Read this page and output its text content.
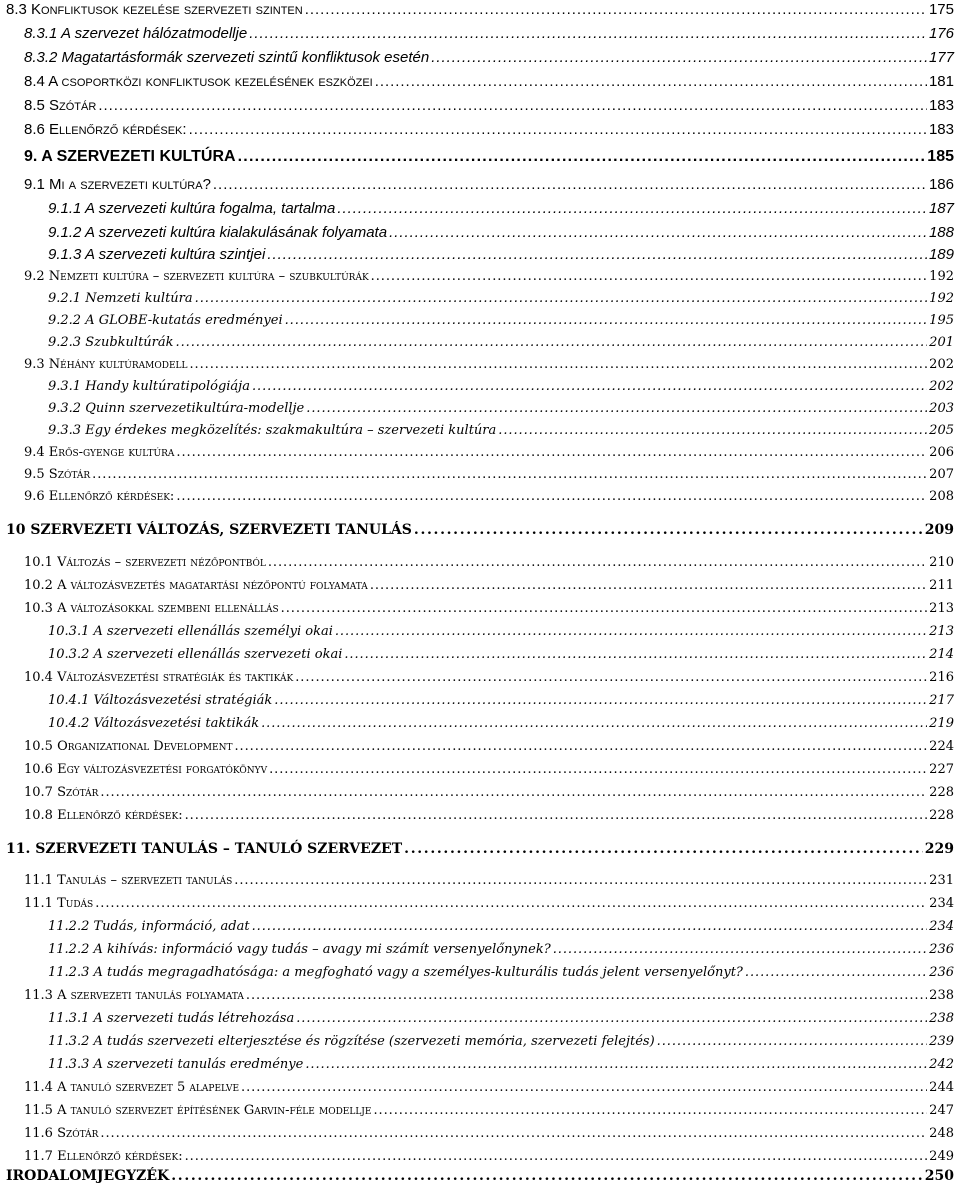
8.3 Konfliktusok kezelése szervezeti szinten . . .	175
8.3.1 A szervezet hálózatmodellje . . .	176
8.3.2 Magatartásformák szervezeti szintű konfliktusok esetén . . .	177
8.4 A csoportközi konfliktusok kezelésének eszközei . . .	181
8.5 Szótár . . .	183
8.6 Ellenőrző kérdések: . . .	183
9. A SZERVEZETI KULTÚRA . . .	185
9.1 Mi a szervezeti kultúra? . . .	186
9.1.1 A szervezeti kultúra fogalma, tartalma . . .	187
9.1.2 A szervezeti kultúra kialakulásának folyamata . . .	188
9.1.3 A szervezeti kultúra szintjei . . .	189
9.2 Nemzeti kultúra – szervezeti kultúra – szubkultúrák . . .	192
9.2.1 Nemzeti kultúra . . .	192
9.2.2 A GLOBE-kutatás eredményei . . .	195
9.2.3 Szubkultúrák . . .	201
9.3 Néhány kultúramodell . . .	202
9.3.1 Handy kultúratipológiája . . .	202
9.3.2 Quinn szervezetikultúra-modellje . . .	203
9.3.3 Egy érdekes megközelítés: szakmakultúra – szervezeti kultúra . . .	205
9.4 Erős-gyenge kultúra . . .	206
9.5 Szótár . . .	207
9.6 Ellenőrző kérdések: . . .	208
10 SZERVEZETI VÁLTOZÁS, SZERVEZETI TANULÁS . . .	209
10.1 Változás – szervezeti nézőpontból . . .	210
10.2 A változásvezetés magatartási nézőpontú folyamata . . .	211
10.3 A változásokkal szembeni ellenállás . . .	213
10.3.1 A szervezeti ellenállás személyi okai . . .	213
10.3.2 A szervezeti ellenállás szervezeti okai . . .	214
10.4 Változásvezetési stratégiák és taktikák . . .	216
10.4.1 Változásvezetési stratégiák . . .	217
10.4.2 Változásvezetési taktikák . . .	219
10.5 Organizational Development . . .	224
10.6 Egy változásvezetési forgatókönyv . . .	227
10.7 Szótár . . .	228
10.8 Ellenőrző kérdések: . . .	228
11. SZERVEZETI TANULÁS – TANULÓ SZERVEZET . . .	229
11.1 Tanulás – szervezeti tanulás . . .	231
11.1 Tudás . . .	234
11.2.2 Tudás, információ, adat . . .	234
11.2.2 A kihívás: információ vagy tudás – avagy mi számít versenyelőnynek? . . .	236
11.2.3 A tudás megragadhatósága: a megfogható vagy a személyes-kulturális tudás jelent versenyelőnyt? . . .	236
11.3 A szervezeti tanulás folyamata . . .	238
11.3.1 A szervezeti tudás létrehozása . . .	238
11.3.2 A tudás szervezeti elterjesztése és rögzítése (szervezeti memória, szervezeti felejtés) . . .	239
11.3.3 A szervezeti tanulás eredménye . . .	242
11.4 A tanuló szervezet 5 alapelve . . .	244
11.5 A tanuló szervezet építésének Garvin-féle modellje . . .	247
11.6 Szótár . . .	248
11.7 Ellenőrző kérdések: . . .	249
IRODALOMJEGYZÉK . . .	250
